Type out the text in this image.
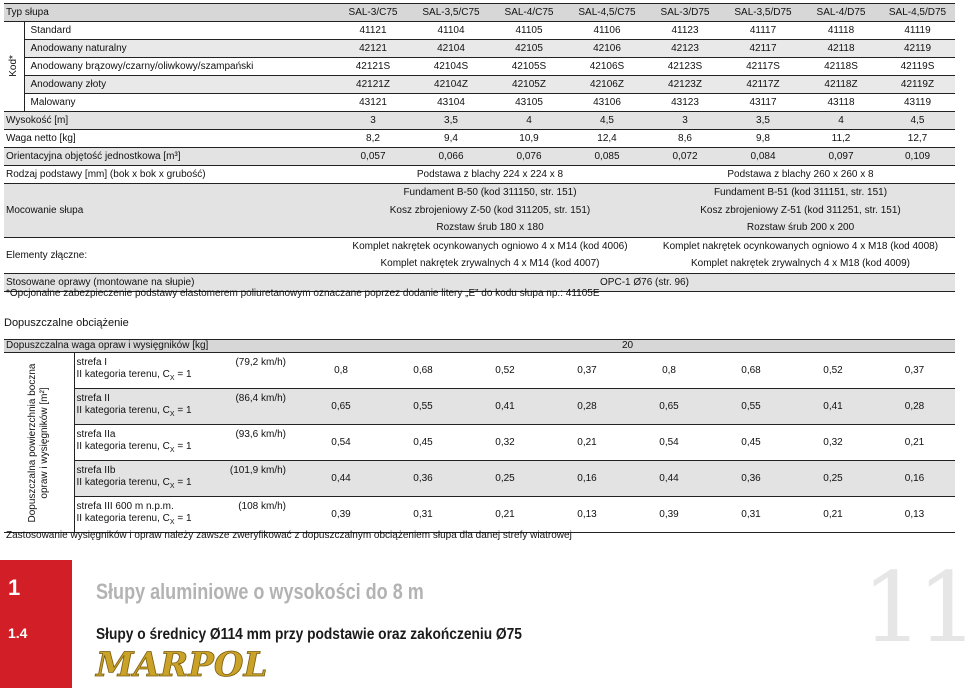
Typ słupa		SAL-3/C75	SAL-3,5/C75	SAL-4/C75	SAL-4,5/C75	SAL-3/D75	SAL-3,5/D75	SAL-4/D75	SAL-4,5/D75

Kod*	Standard	41121	41104	41105	41106	41123	41117	41118	41119
	Anodowany naturalny	42121	42104	42105	42106	42123	42117	42118	42119
	Anodowany brązowy/czarny/oliwkowy/szampański	42121S	42104S	42105S	42106S	42123S	42117S	42118S	42119S
	Anodowany złoty	42121Z	42104Z	42105Z	42106Z	42123Z	42117Z	42118Z	42119Z
	Malowany	43121	43104	43105	43106	43123	43117	43118	43119
Wysokość [m]		3	3,5	4	4,5	3	3,5	4	4,5
Waga netto [kg]		8,2	9,4	10,9	12,4	8,6	9,8	11,2	12,7
Orientacyjna objętość jednostkowa [m³]		0,057	0,066	0,076	0,085	0,072	0,084	0,097	0,109
Rodzaj podstawy [mm] (bok x bok x grubość)		Podstawa z blachy 224 x 224 x 8				Podstawa z blachy 260 x 260 x 8			
Mocowanie słupa		Fundament B-50 (kod 311150, str. 151)				Fundament B-51 (kod 311151, str. 151)			
		Kosz zbrojeniowy Z-50 (kod 311205, str. 151)				Kosz zbrojeniowy Z-51 (kod 311251, str. 151)			
		Rozstaw śrub 180 x 180				Rozstaw śrub 200 x 200			
Elementy złączne:		Komplet nakrętek ocynkowanych ogniowo 4 x M14 (kod 4006)				Komplet nakrętek ocynkowanych ogniowo 4 x M18 (kod 4008)			
		Komplet nakrętek zrywalnych 4 x M14 (kod 4007)				Komplet nakrętek zrywalnych 4 x M18 (kod 4009)			
Stosowane oprawy (montowane na słupie)		OPC-1 Ø76 (str. 96)							
*Opcjonalne zabezpieczenie podstawy elastomerem poliuretanowym oznaczane poprzez dodanie litery „E” do kodu słupa np.: 41105E
Dopuszczalne obciążenie
Dopuszczalna waga opraw i wysięgników [kg]		20							

Dopuszczalna powierzchnia boczna opraw i wysięgników [m²]	strefa I (79,2 km/h)
II kategoria terenu, $C_X = 1$	0,8	0,68	0,52	0,37	0,8	0,68	0,52	0,37

	strefa II (86,4 km/h)
II kategoria terenu, $C_X = 1$	0,65	0,55	0,41	0,28	0,65	0,55	0,41	0,28

	strefa IIa (93,6 km/h)
II kategoria terenu, $C_X = 1$	0,54	0,45	0,32	0,21	0,54	0,45	0,32	0,21

	strefa IIb (101,9 km/h)
II kategoria terenu, $C_X = 1$	0,44	0,36	0,25	0,16	0,44	0,36	0,25	0,16

	strefa III 600 m n.p.m. (108 km/h)
II kategoria terenu, $C_X = 1$	0,39	0,31	0,21	0,13	0,39	0,31	0,21	0,13
Zastosowanie wysięgników i opraw należy zawsze zweryfikować z dopuszczalnym obciążeniem słupa dla danej strefy wiatrowej
1
1.4
Słupy aluminiowe o wysokości do 8 m
Słupy o średnicy Ø114 mm przy podstawie oraz zakończeniu Ø75
MARPOL
11
